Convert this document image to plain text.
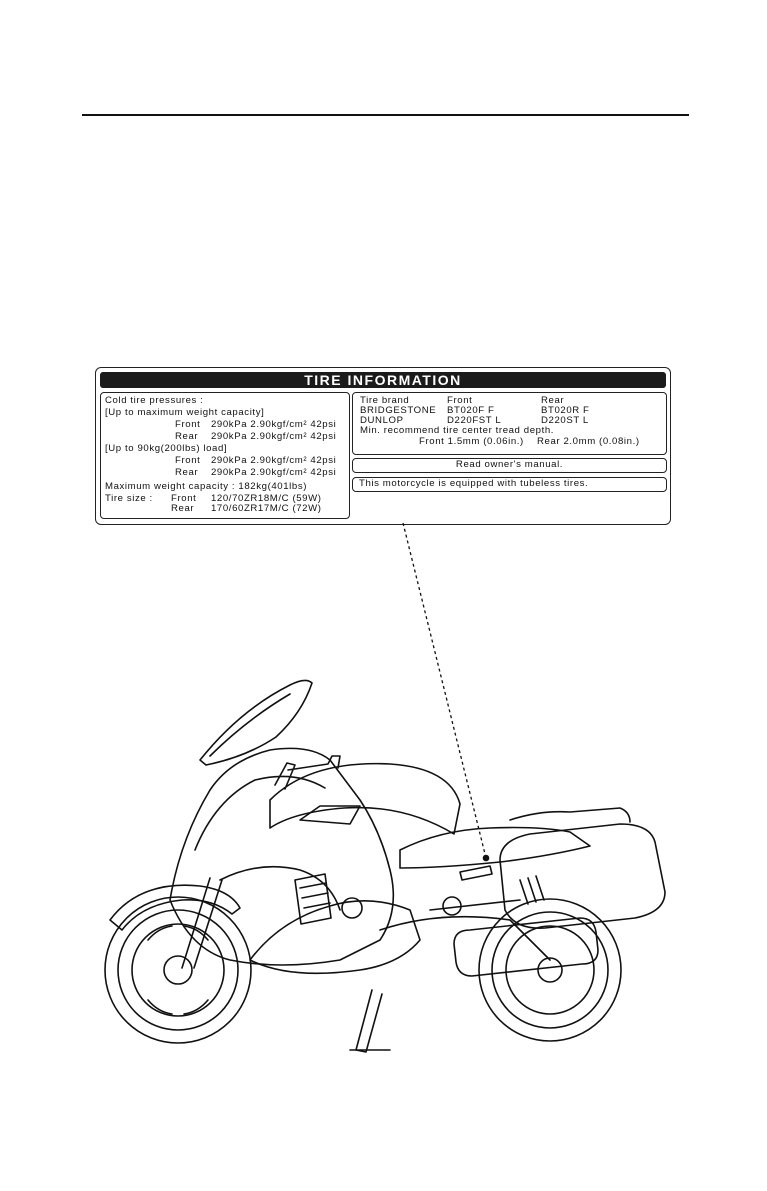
TIRE INFORMATION
Cold tire pressures :
[Up to maximum weight capacity]
Front 290kPa 2.90kgf/cm² 42psi
Rear 290kPa 2.90kgf/cm² 42psi
[Up to 90kg(200lbs) load]
Front 290kPa 2.90kgf/cm² 42psi
Rear 290kPa 2.90kgf/cm² 42psi
Maximum weight capacity : 182kg(401lbs)
Tire size : Front 120/70ZR18M/C (59W)
Rear 170/60ZR17M/C (72W)
Tire brand	Front	Rear
BRIDGESTONE BT020F F	BT020R F
DUNLOP	D220FST L	D220ST L
Min. recommend tire center tread depth.
Front 1.5mm (0.06in.) Rear 2.0mm (0.08in.)
Read owner's manual.
This motorcycle is equipped with tubeless tires.
